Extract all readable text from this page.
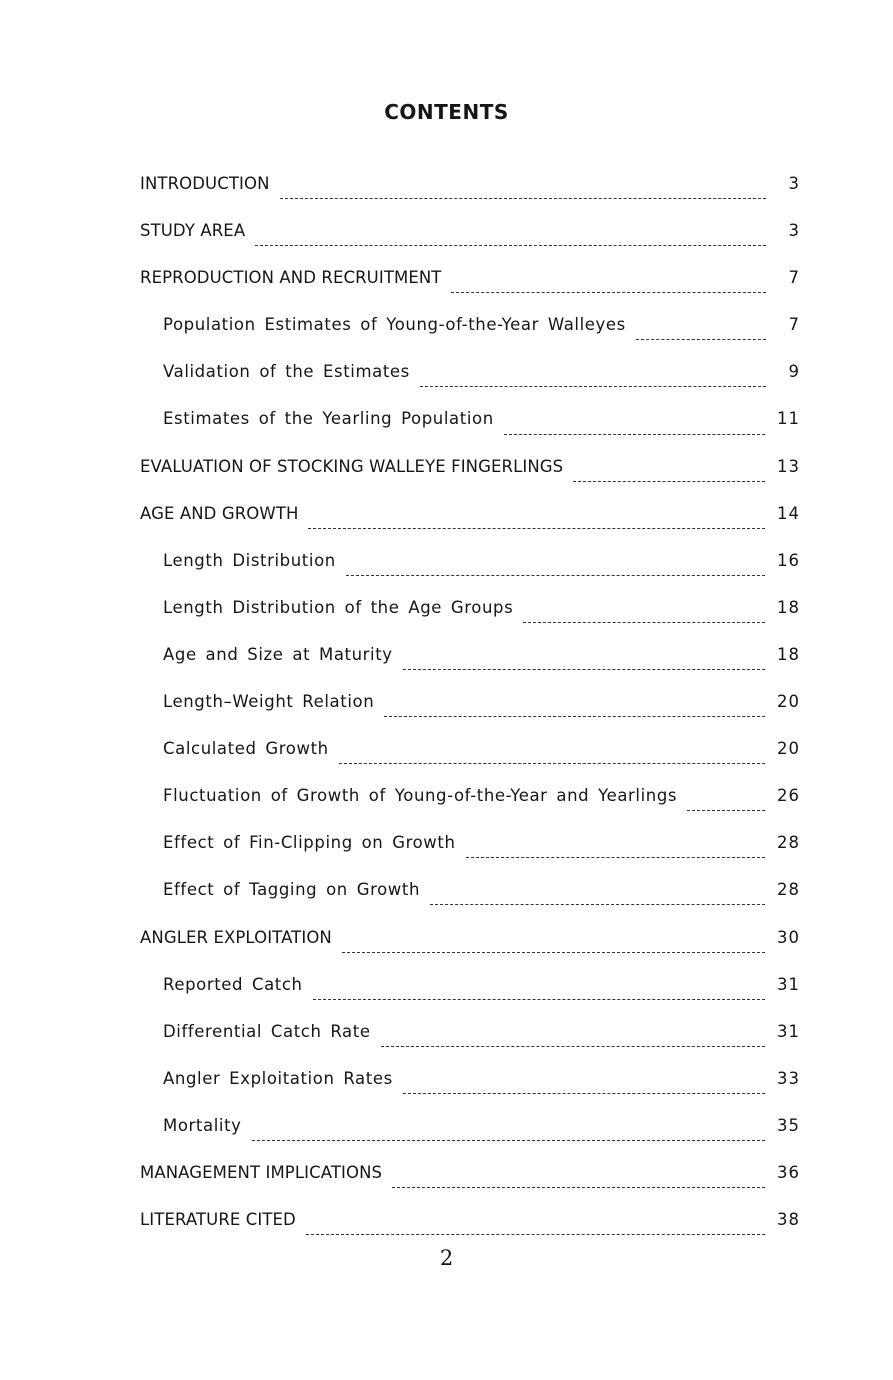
CONTENTS
INTRODUCTION	3
STUDY AREA	3
REPRODUCTION AND RECRUITMENT	7
Population Estimates of Young-of-the-Year Walleyes	7
Validation of the Estimates	9
Estimates of the Yearling Population	11
EVALUATION OF STOCKING WALLEYE FINGERLINGS	13
AGE AND GROWTH	14
Length Distribution	16
Length Distribution of the Age Groups	18
Age and Size at Maturity	18
Length–Weight Relation	20
Calculated Growth	20
Fluctuation of Growth of Young-of-the-Year and Yearlings	26
Effect of Fin-Clipping on Growth	28
Effect of Tagging on Growth	28
ANGLER EXPLOITATION	30
Reported Catch	31
Differential Catch Rate	31
Angler Exploitation Rates	33
Mortality	35
MANAGEMENT IMPLICATIONS	36
LITERATURE CITED	38
2
